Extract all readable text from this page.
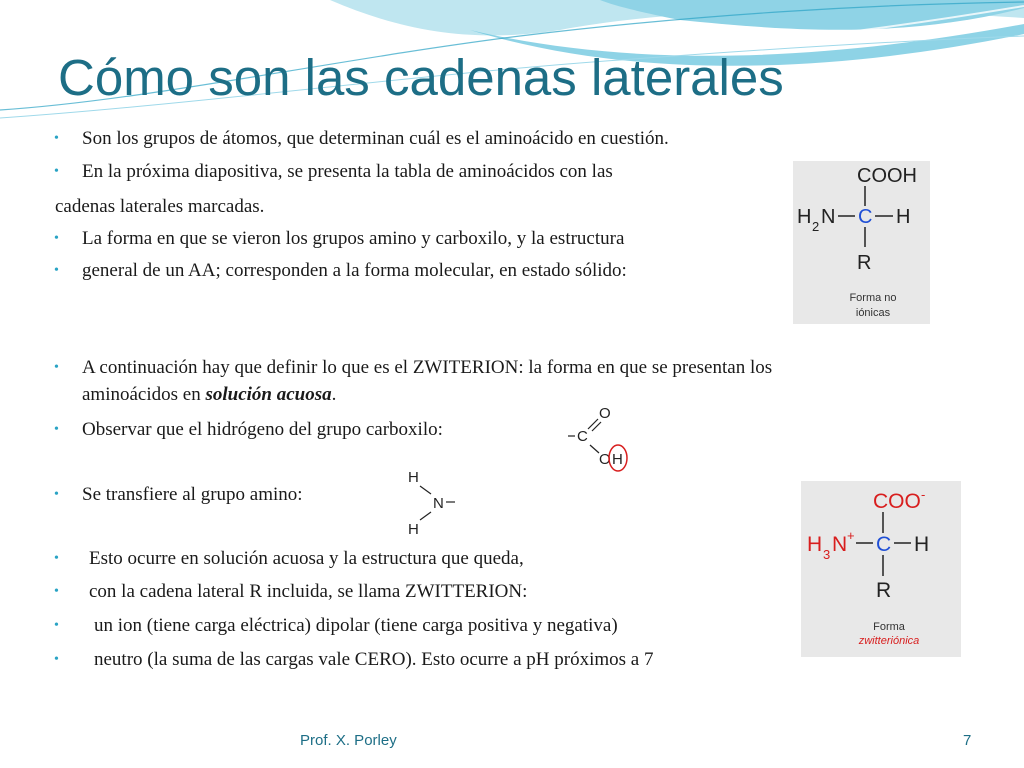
Cómo son las cadenas laterales
• Son los grupos de átomos, que determinan cuál es el aminoácido en cuestión.
• En la próxima diapositiva, se presenta la tabla de aminoácidos con las
cadenas laterales marcadas.
• La forma en que se vieron los grupos amino y carboxilo, y la estructura
• general de un AA; corresponden a la forma molecular, en estado sólido:
• A continuación hay que definir lo que es el ZWITERION: la forma en que se presentan los
aminoácidos en solución acuosa.
• Observar que el hidrógeno del grupo carboxilo:
• Se transfiere al grupo amino:
• Esto ocurre en solución acuosa y la estructura que queda,
• con la cadena lateral R incluida, se llama ZWITTERION:
• un ion (tiene carga eléctrica) dipolar (tiene carga positiva y negativa)
• neutro (la suma de las cargas vale CERO). Esto ocurre a pH próximos a 7
COOH
H 2 N C H
R
Forma no
iónicas
O
C
O H
H
N
H
COO -
H 3 N + C H
R
Forma
zwitteriónica
Prof. X. Porley	7
